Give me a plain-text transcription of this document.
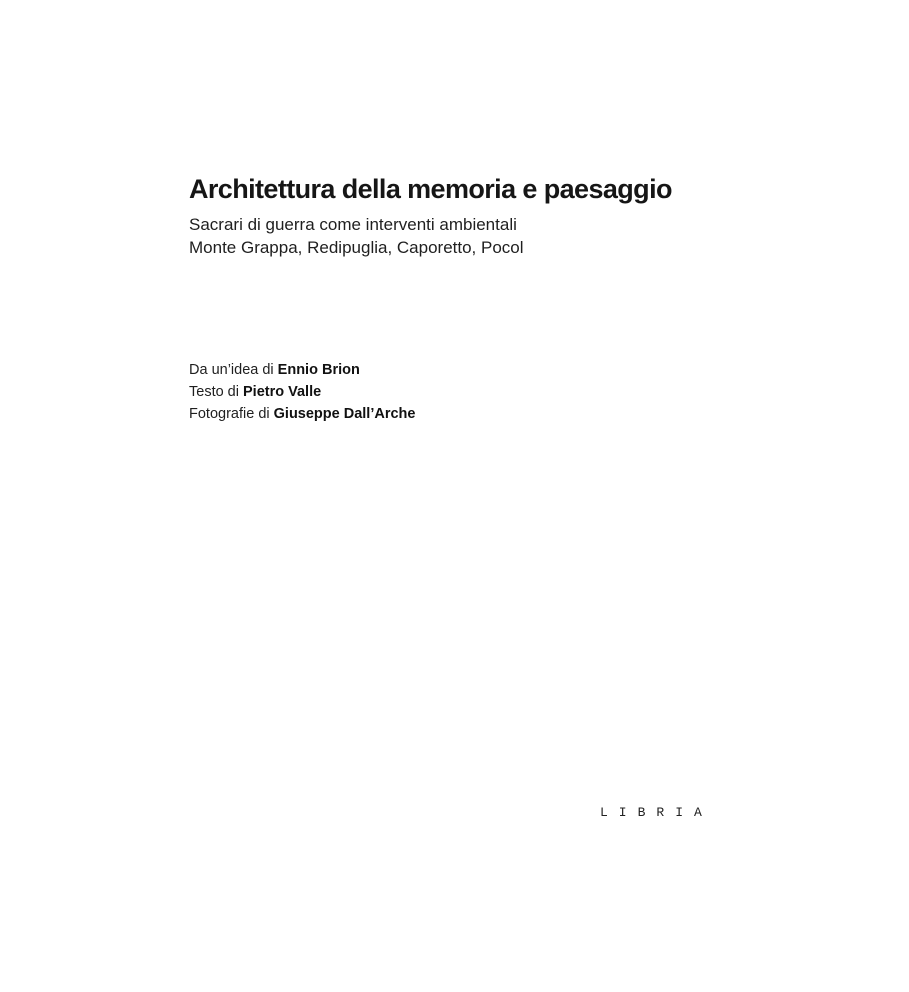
Architettura della memoria e paesaggio

Sacrari di guerra come interventi ambientali

Monte Grappa, Redipuglia, Caporetto, Pocol

Da un’idea di Ennio Brion

Testo di Pietro Valle

Fotografie di Giuseppe Dall’Arche

LIBRIA
